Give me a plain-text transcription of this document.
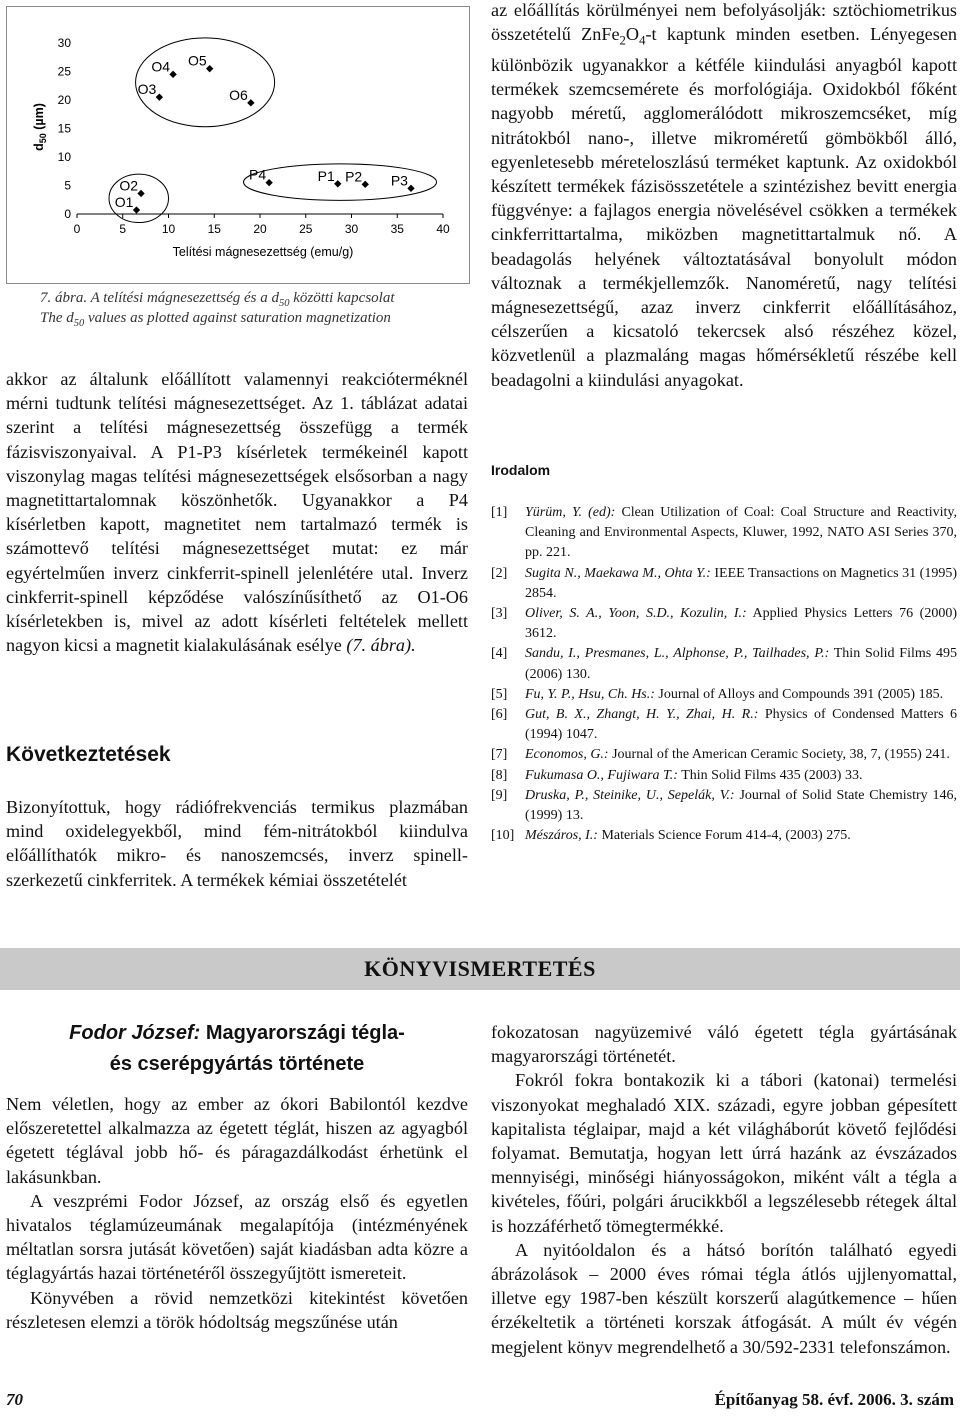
0	5	10	15	20	25	30	35	40
0
5
10
15
20
25
30
O1
O2
O3
O4 O5
O6
P4	P1 P2 P3
Telítési mágnesezettség (emu/g)
$d_{50}$ (µm)
7. ábra. A telítési mágnesezettség és a $d_{50}$ közötti kapcsolat
The $d_{50}$ values as plotted against saturation magnetization
akkor az általunk előállított valamennyi reakcióterméknél mérni tudtunk telítési mágnesezettséget. Az 1. táblázat adatai szerint a telítési mágnesezettség összefügg a termék fázisviszonyaival. A P1-P3 kísérletek termékeinél kapott viszonylag magas telítési mágnesezettségek elsősorban a nagy magnetittartalomnak köszönhetők. Ugyanakkor a P4 kísérletben kapott, magnetitet nem tartalmazó termék is számottevő telítési mágnesezettséget mutat: ez már egyértelműen inverz cinkferrit-spinell jelenlétére utal. Inverz cinkferrit-spinell képződése valószínűsíthető az O1-O6 kísérletekben is, mivel az adott kísérleti feltételek mellett nagyon kicsi a magnetit kialakulásának esélye (7. ábra).
Következtetések
Bizonyítottuk, hogy rádiófrekvenciás termikus plazmában mind oxidelegyekből, mind fém-nitrátokból kiindulva előállíthatók mikro- és nanoszemcsés, inverz spinell-szerkezetű cinkferritek. A termékek kémiai összetételét
az előállítás körülményei nem befolyásolják: sztöchiometrikus összetételű $ZnFe_2O_4-t$ kaptunk minden esetben. Lényegesen különbözik ugyanakkor a kétféle kiindulási anyagból kapott termékek szemcsemérete és morfológiája. Oxidokból főként nagyobb méretű, agglomerálódott mikroszemcséket, míg nitrátokból nano-, illetve mikroméretű gömbökből álló, egyenletesebb méreteloszlású terméket kaptunk. Az oxidokból készített termékek fázisösszetétele a szintézishez bevitt energia függvénye: a fajlagos energia növelésével csökken a termékek cinkferrittartalma, miközben magnetittartalmuk nő. A beadagolás helyének változtatásával bonyolult módon változnak a termékjellemzők. Nanoméretű, nagy telítési mágnesezettségű, azaz inverz cinkferrit előállításához, célszerűen a kicsatoló tekercsek alsó részéhez közel, közvetlenül a plazmaláng magas hőmérsékletű részébe kell beadagolni a kiindulási anyagokat.
Irodalom
[1]	Yürüm, Y. (ed): Clean Utilization of Coal: Coal Structure and Reactivity, Cleaning and Environmental Aspects, Kluwer, 1992, NATO ASI Series 370, pp. 221.
[2]	Sugita N., Maekawa M., Ohta Y.: IEEE Transactions on Magnetics 31 (1995) 2854.
[3]	Oliver, S. A., Yoon, S.D., Kozulin, I.: Applied Physics Letters 76 (2000) 3612.
[4]	Sandu, I., Presmanes, L., Alphonse, P., Tailhades, P.: Thin Solid Films 495 (2006) 130.
[5]	Fu, Y. P., Hsu, Ch. Hs.: Journal of Alloys and Compounds 391 (2005) 185.
[6]	Gut, B. X., Zhangt, H. Y., Zhai, H. R.: Physics of Condensed Matters 6 (1994) 1047.
[7]	Economos, G.: Journal of the American Ceramic Society, 38, 7, (1955) 241.
[8]	Fukumasa O., Fujiwara T.: Thin Solid Films 435 (2003) 33.
[9]	Druska, P., Steinike, U., Sepelák, V.: Journal of Solid State Chemistry 146, (1999) 13.
[10] Mészáros, I.: Materials Science Forum 414-4, (2003) 275.
KÖNYVISMERTETÉS
Fodor József: Magyarországi tégla-
és cserépgyártás története

Nem véletlen, hogy az ember az ókori Babilontól kezdve előszeretettel alkalmazza az égetett téglát, hiszen az agyagból égetett téglával jobb hő- és páragazdálkodást érhetünk el lakásunkban.

A veszprémi Fodor József, az ország első és egyetlen hivatalos téglamúzeumának megalapítója (intézményének méltatlan sorsra jutását követően) saját kiadásban adta közre a téglagyártás hazai történetéről összegyűjtött ismereteit.

Könyvében a rövid nemzetközi kitekintést követően részletesen elemzi a török hódoltság megszűnése után

fokozatosan nagyüzemivé váló égetett tégla gyártásának magyarországi történetét.

Fokról fokra bontakozik ki a tábori (katonai) termelési viszonyokat meghaladó XIX. századi, egyre jobban gépesített kapitalista téglaipar, majd a két világháborút követő fejlődési folyamat. Bemutatja, hogyan lett úrrá hazánk az évszázados mennyiségi, minőségi hiányosságokon, miként vált a tégla a kivételes, főúri, polgári árucikkből a legszélesebb rétegek által is hozzáférhető tömegtermékké.

A nyitóoldalon és a hátsó borítón található egyedi ábrázolások – 2000 éves római tégla átlós ujjlenyomattal, illetve egy 1987-ben készült korszerű alagútkemence – hűen érzékeltetik a történeti korszak átfogását. A múlt év végén megjelent könyv megrendelhető a 30/592-2331 telefonszámon.

70	Építőanyag 58. évf. 2006. 3. szám
